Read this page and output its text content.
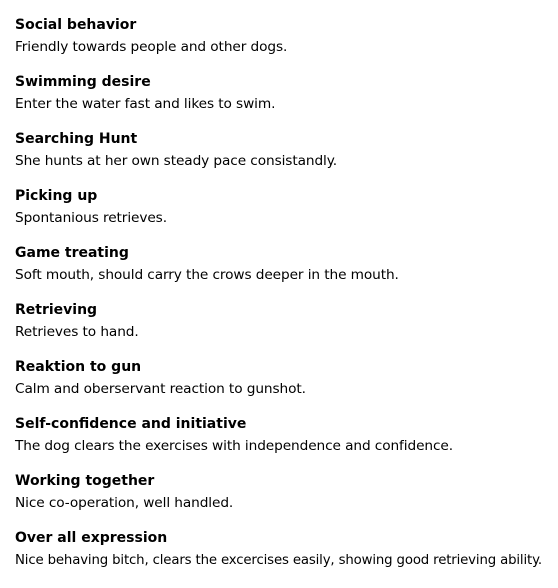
Social behavior
Friendly towards people and other dogs.
Swimming desire
Enter the water fast and likes to swim.
Searching Hunt
She hunts at her own steady pace consistandly.
Picking up
Spontanious retrieves.
Game treating
Soft mouth, should carry the crows deeper in the mouth.
Retrieving
Retrieves to hand.
Reaktion to gun
Calm and oberservant reaction to gunshot.
Self-confidence and initiative
The dog clears the exercises with independence and confidence.
Working together
Nice co-operation, well handled.
Over all expression
Nice behaving bitch, clears the excercises easily, showing good retrieving ability.
